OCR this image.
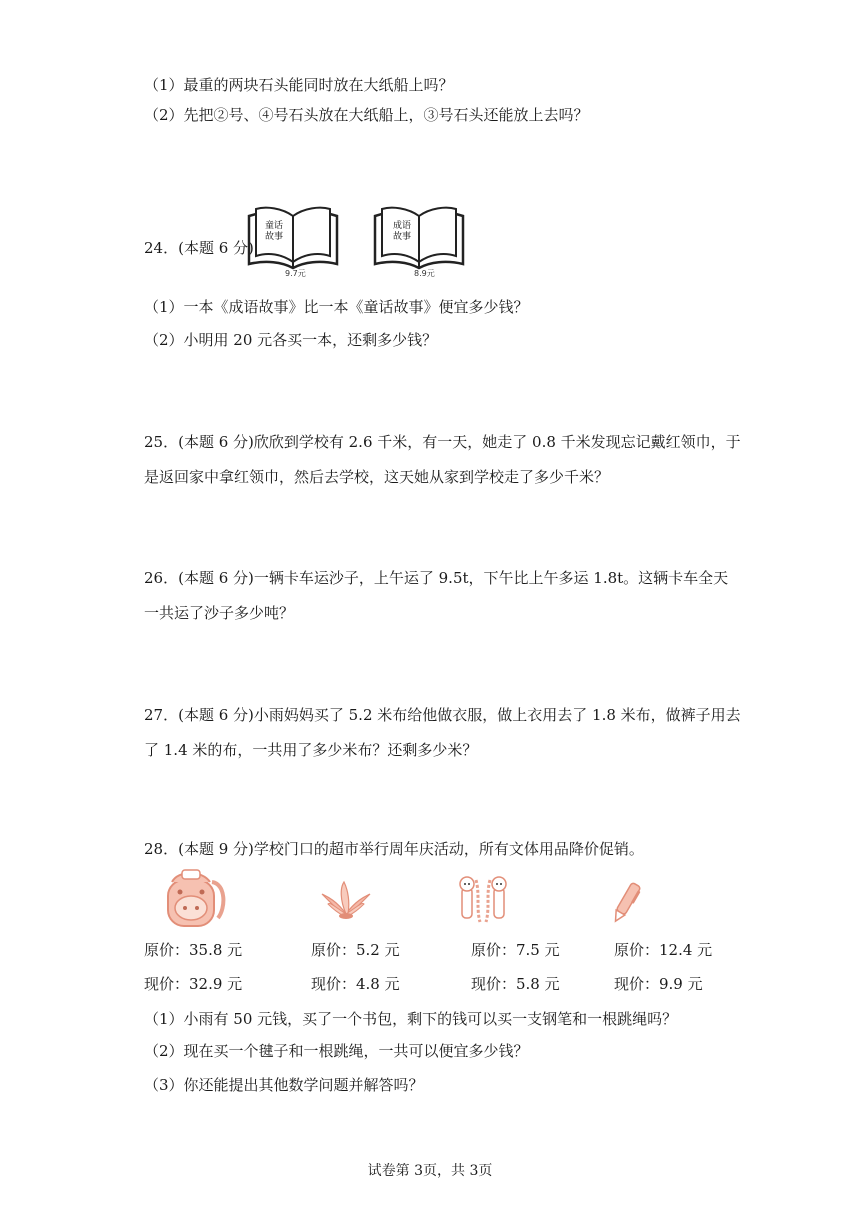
（1）最重的两块石头能同时放在大纸船上吗？
（2）先把②号、④号石头放在大纸船上，③号石头还能放上去吗？
24．(本题 6 分)
童话
故事
9.7元
成语
故事
8.9元
（1）一本《成语故事》比一本《童话故事》便宜多少钱？
（2）小明用 20 元各买一本，还剩多少钱？
25．(本题 6 分)欣欣到学校有 2.6 千米，有一天，她走了 0.8 千米发现忘记戴红领巾，于
是返回家中拿红领巾，然后去学校，这天她从家到学校走了多少千米？
26．(本题 6 分)一辆卡车运沙子，上午运了 9.5t，下午比上午多运 1.8t。这辆卡车全天
一共运了沙子多少吨？
27．(本题 6 分)小雨妈妈买了 5.2 米布给他做衣服，做上衣用去了 1.8 米布，做裤子用去
了 1.4 米的布，一共用了多少米布？还剩多少米？
28．(本题 9 分)学校门口的超市举行周年庆活动，所有文体用品降价促销。
原价：35.8 元	原价：5.2 元	原价：7.5 元	原价：12.4 元
现价：32.9 元	现价：4.8 元	现价：5.8 元	现价：9.9 元
（1）小雨有 50 元钱，买了一个书包，剩下的钱可以买一支钢笔和一根跳绳吗？
（2）现在买一个毽子和一根跳绳，一共可以便宜多少钱？
（3）你还能提出其他数学问题并解答吗？
试卷第 3页，共 3页
